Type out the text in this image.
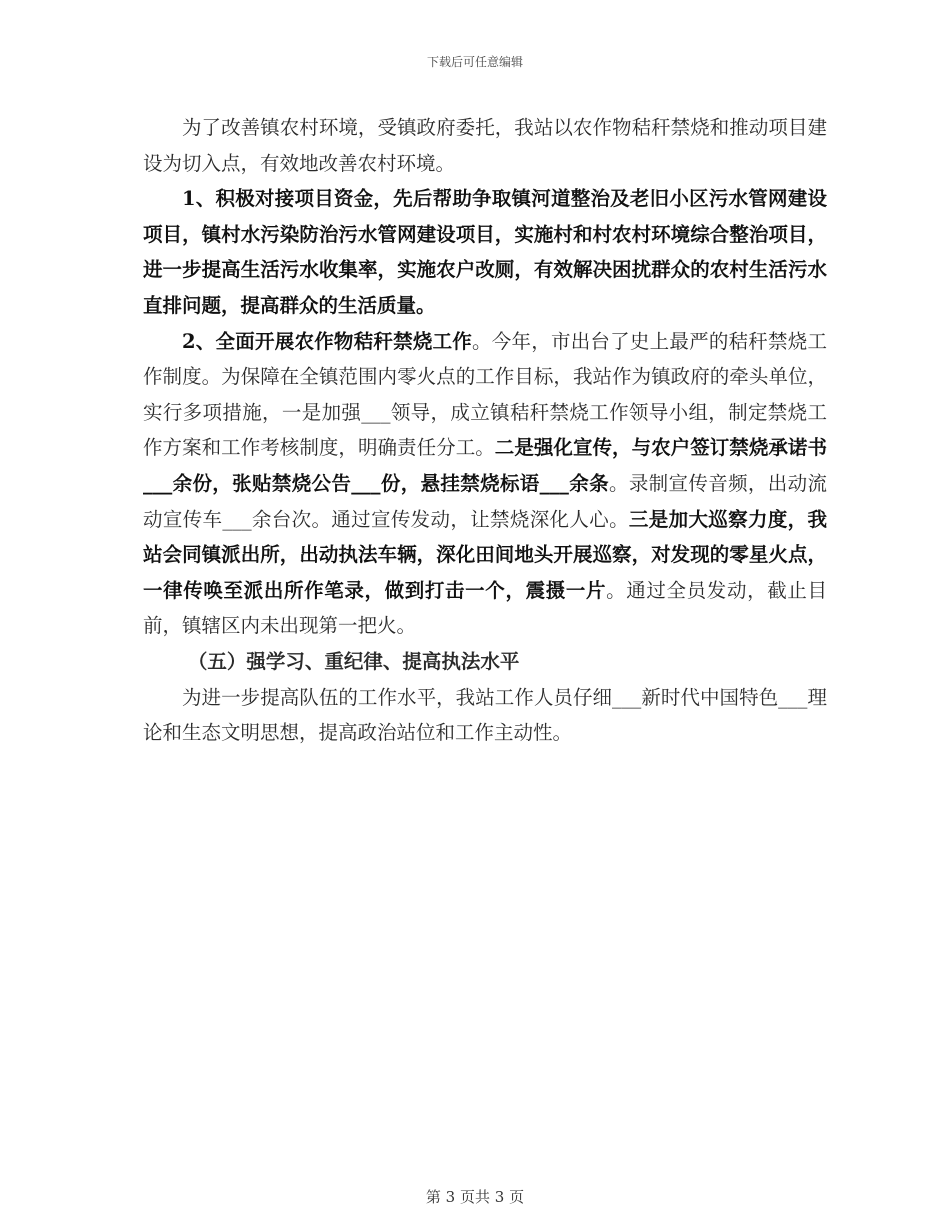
下载后可任意编辑

为了改善镇农村环境，受镇政府委托，我站以农作物秸秆禁烧和推动项目建设为切入点，有效地改善农村环境。

1、积极对接项目资金，先后帮助争取镇河道整治及老旧小区污水管网建设项目，镇村水污染防治污水管网建设项目，实施村和村农村环境综合整治项目，进一步提高生活污水收集率，实施农户改厕，有效解决困扰群众的农村生活污水直排问题，提高群众的生活质量。

2、全面开展农作物秸秆禁烧工作。今年，市出台了史上最严的秸秆禁烧工作制度。为保障在全镇范围内零火点的工作目标，我站作为镇政府的牵头单位，实行多项措施，一是加强___领导，成立镇秸秆禁烧工作领导小组，制定禁烧工作方案和工作考核制度，明确责任分工。二是强化宣传，与农户签订禁烧承诺书___余份，张贴禁烧公告___份，悬挂禁烧标语___余条。录制宣传音频，出动流动宣传车___余台次。通过宣传发动，让禁烧深化人心。三是加大巡察力度，我站会同镇派出所，出动执法车辆，深化田间地头开展巡察，对发现的零星火点，一律传唤至派出所作笔录，做到打击一个，震摄一片。通过全员发动，截止目前，镇辖区内未出现第一把火。

（五）强学习、重纪律、提高执法水平

为进一步提高队伍的工作水平，我站工作人员仔细___新时代中国特色___理论和生态文明思想，提高政治站位和工作主动性。

第 3 页共 3 页
